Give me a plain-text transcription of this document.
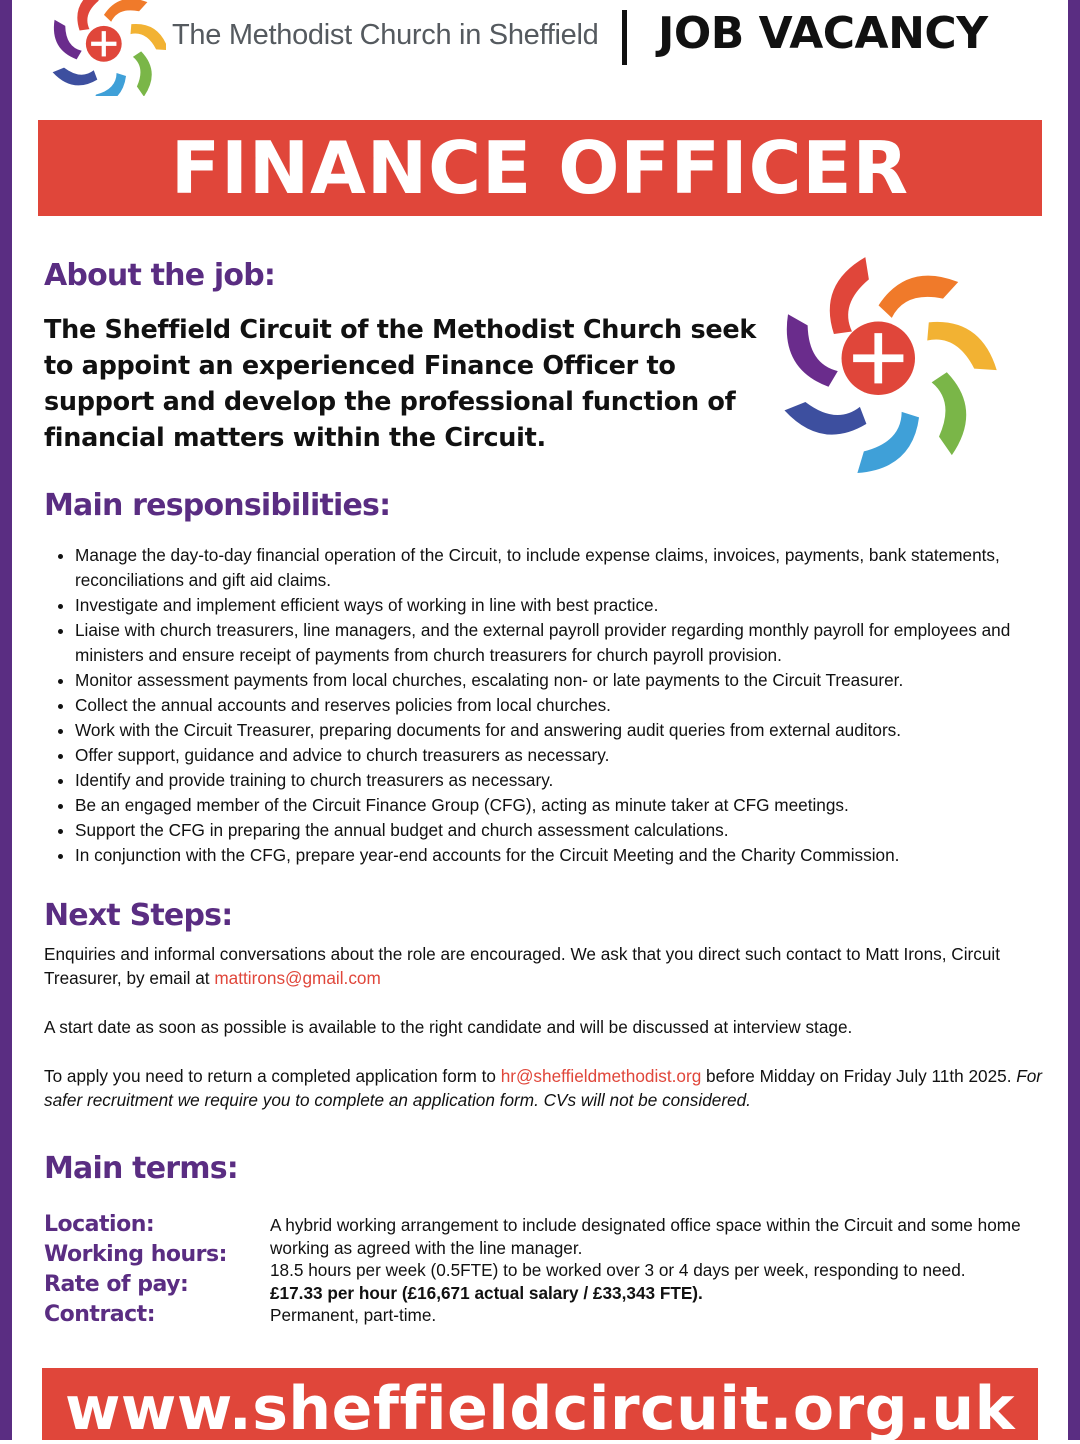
The Methodist Church in Sheffield JOB VACANCY
FINANCE OFFICER
About the job:
The Sheffield Circuit of the Methodist Church seek to appoint an experienced Finance Officer to support and develop the professional function of financial matters within the Circuit.
Main responsibilities:
• Manage the day-to-day financial operation of the Circuit, to include expense claims, invoices, payments, bank statements, reconciliations and gift aid claims.
• Investigate and implement efficient ways of working in line with best practice.
• Liaise with church treasurers, line managers, and the external payroll provider regarding monthly payroll for employees and ministers and ensure receipt of payments from church treasurers for church payroll provision.
• Monitor assessment payments from local churches, escalating non- or late payments to the Circuit Treasurer.
• Collect the annual accounts and reserves policies from local churches.
• Work with the Circuit Treasurer, preparing documents for and answering audit queries from external auditors.
• Offer support, guidance and advice to church treasurers as necessary.
• Identify and provide training to church treasurers as necessary.
• Be an engaged member of the Circuit Finance Group (CFG), acting as minute taker at CFG meetings.
• Support the CFG in preparing the annual budget and church assessment calculations.
• In conjunction with the CFG, prepare year-end accounts for the Circuit Meeting and the Charity Commission.
Next Steps:
Enquiries and informal conversations about the role are encouraged. We ask that you direct such contact to Matt Irons, Circuit Treasurer, by email at mattirons@gmail.com
A start date as soon as possible is available to the right candidate and will be discussed at interview stage.
To apply you need to return a completed application form to hr@sheffieldmethodist.org before Midday on Friday July 11th 2025. For safer recruitment we require you to complete an application form. CVs will not be considered.
Main terms:
Location:
Working hours:
Rate of pay:
Contract:
A hybrid working arrangement to include designated office space within the Circuit and some home working as agreed with the line manager.
18.5 hours per week (0.5FTE) to be worked over 3 or 4 days per week, responding to need.
£17.33 per hour (£16,671 actual salary / £33,343 FTE).
Permanent, part-time.
www.sheffieldcircuit.org.uk
